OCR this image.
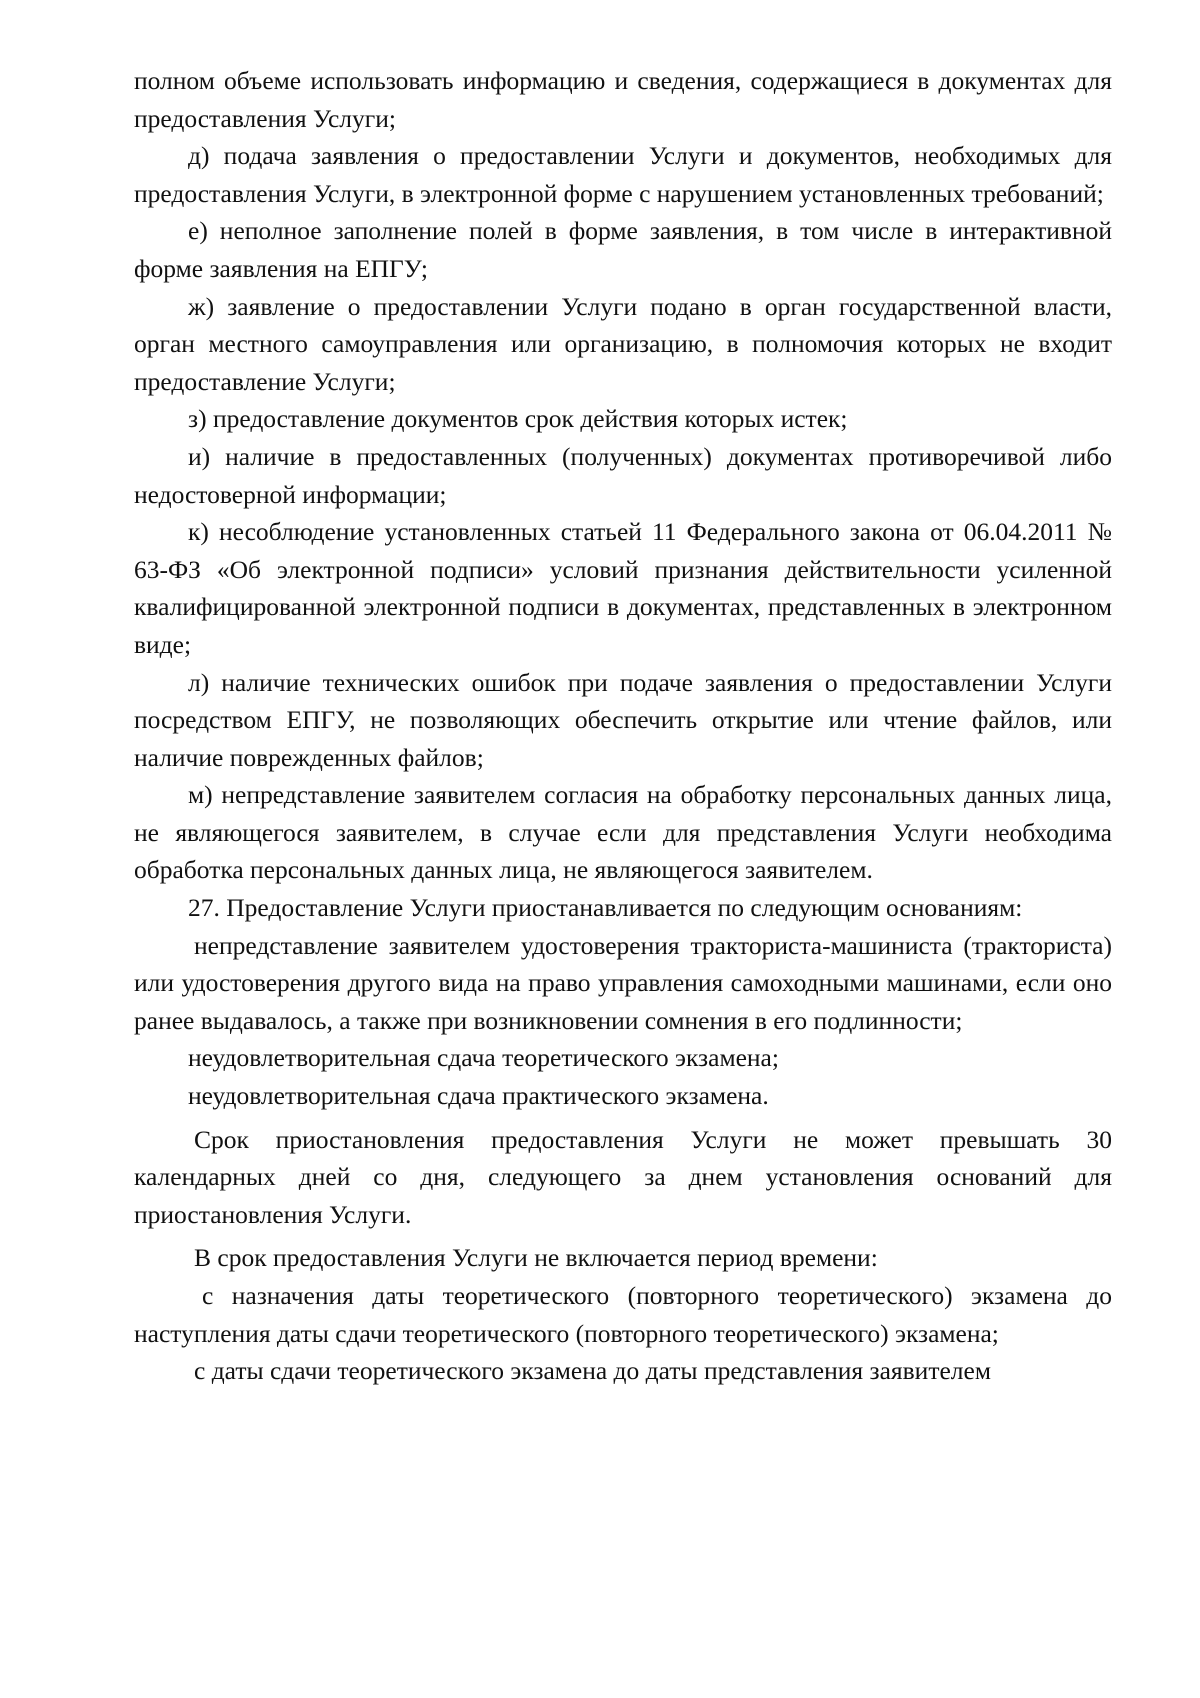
полном объеме использовать информацию и сведения, содержащиеся в документах для предоставления Услуги;

д) подача заявления о предоставлении Услуги и документов, необходимых для предоставления Услуги, в электронной форме с нарушением установленных требований;

е) неполное заполнение полей в форме заявления, в том числе в интерактивной форме заявления на ЕПГУ;

ж) заявление о предоставлении Услуги подано в орган государственной власти, орган местного самоуправления или организацию, в полномочия которых не входит предоставление Услуги;

з) предоставление документов срок действия которых истек;

и) наличие в предоставленных (полученных) документах противоречивой либо недостоверной информации;

к) несоблюдение установленных статьей 11 Федерального закона от 06.04.2011 № 63-ФЗ «Об электронной подписи» условий признания действительности усиленной квалифицированной электронной подписи в документах, представленных в электронном виде;

л) наличие технических ошибок при подаче заявления о предоставлении Услуги посредством ЕПГУ, не позволяющих обеспечить открытие или чтение файлов, или наличие поврежденных файлов;

м) непредставление заявителем согласия на обработку персональных данных лица, не являющегося заявителем, в случае если для представления Услуги необходима обработка персональных данных лица, не являющегося заявителем.

27. Предоставление Услуги приостанавливается по следующим основаниям:

непредставление заявителем удостоверения тракториста-машиниста (тракториста) или удостоверения другого вида на право управления самоходными машинами, если оно ранее выдавалось, а также при возникновении сомнения в его подлинности;

неудовлетворительная сдача теоретического экзамена;

неудовлетворительная сдача практического экзамена.

Срок приостановления предоставления Услуги не может превышать 30 календарных дней со дня, следующего за днем установления оснований для приостановления Услуги.

В срок предоставления Услуги не включается период времени:

с назначения даты теоретического (повторного теоретического) экзамена до наступления даты сдачи теоретического (повторного теоретического) экзамена;

с даты сдачи теоретического экзамена до даты представления заявителем
